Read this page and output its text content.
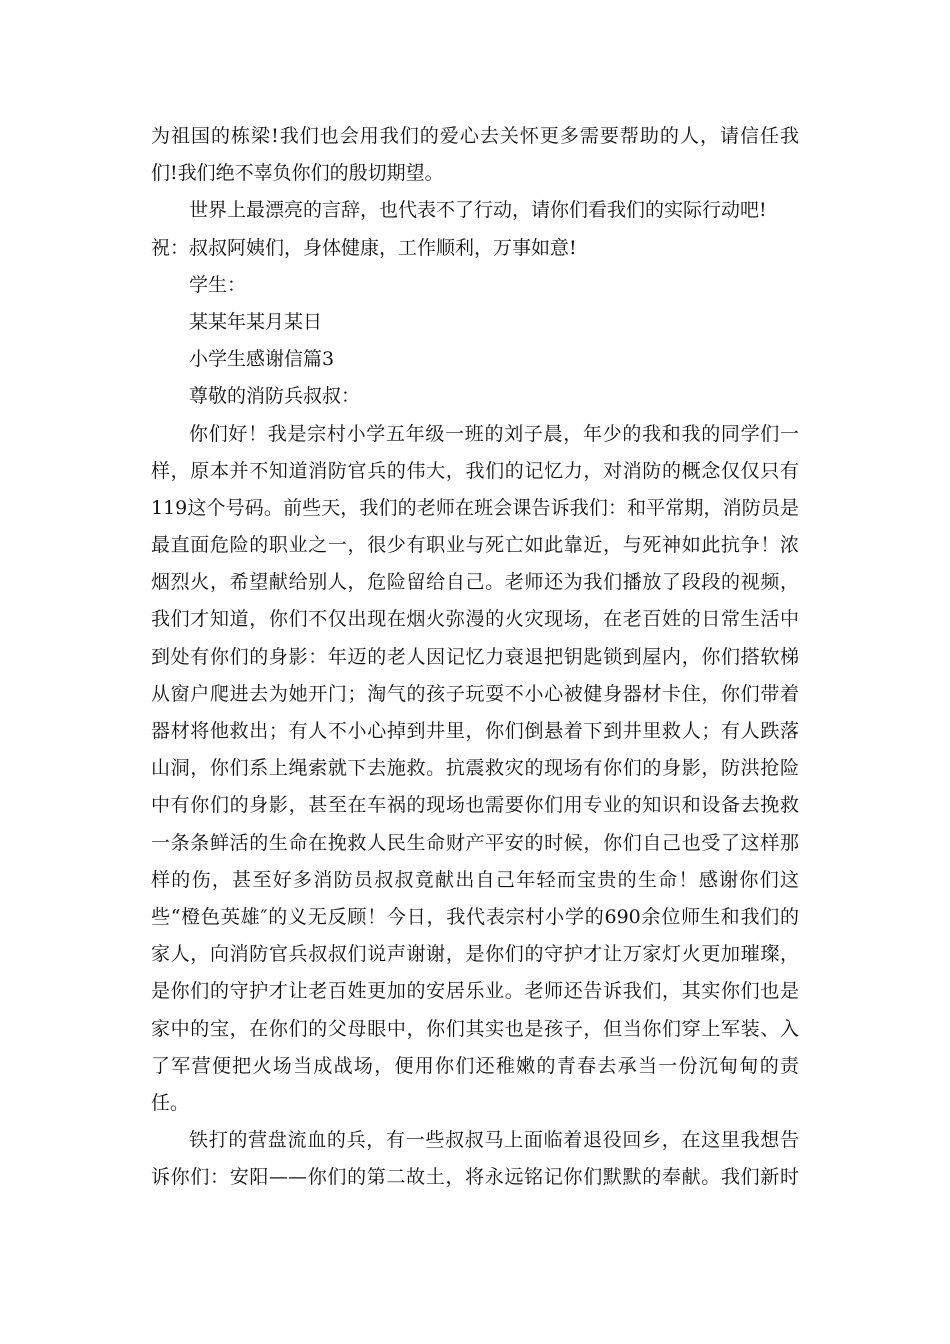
为祖国的栋梁!我们也会用我们的爱心去关怀更多需要帮助的人，请信任我
们!我们绝不辜负你们的殷切期望。
世界上最漂亮的言辞，也代表不了行动，请你们看我们的实际行动吧!
祝：叔叔阿姨们，身体健康，工作顺利，万事如意!
学生：
某某年某月某日
小学生感谢信篇3
尊敬的消防兵叔叔：
你们好！我是宗村小学五年级一班的刘子晨，年少的我和我的同学们一
样，原本并不知道消防官兵的伟大，我们的记忆力，对消防的概念仅仅只有
119这个号码。前些天，我们的老师在班会课告诉我们：和平常期，消防员是
最直面危险的职业之一，很少有职业与死亡如此靠近，与死神如此抗争！浓
烟烈火，希望献给别人，危险留给自己。老师还为我们播放了段段的视频，
我们才知道，你们不仅出现在烟火弥漫的火灾现场，在老百姓的日常生活中
到处有你们的身影：年迈的老人因记忆力衰退把钥匙锁到屋内，你们搭软梯
从窗户爬进去为她开门；淘气的孩子玩耍不小心被健身器材卡住，你们带着
器材将他救出；有人不小心掉到井里，你们倒悬着下到井里救人；有人跌落
山洞，你们系上绳索就下去施救。抗震救灾的现场有你们的身影，防洪抢险
中有你们的身影，甚至在车祸的现场也需要你们用专业的知识和设备去挽救
一条条鲜活的生命在挽救人民生命财产平安的时候，你们自己也受了这样那
样的伤，甚至好多消防员叔叔竟献出自己年轻而宝贵的生命！感谢你们这
些“橙色英雄″的义无反顾！今日，我代表宗村小学的690余位师生和我们的
家人，向消防官兵叔叔们说声谢谢，是你们的守护才让万家灯火更加璀璨，
是你们的守护才让老百姓更加的安居乐业。老师还告诉我们，其实你们也是
家中的宝，在你们的父母眼中，你们其实也是孩子，但当你们穿上军装、入
了军营便把火场当成战场，便用你们还稚嫩的青春去承当一份沉甸甸的责
任。
铁打的营盘流血的兵，有一些叔叔马上面临着退役回乡，在这里我想告
诉你们：安阳——你们的第二故土，将永远铭记你们默默的奉献。我们新时
